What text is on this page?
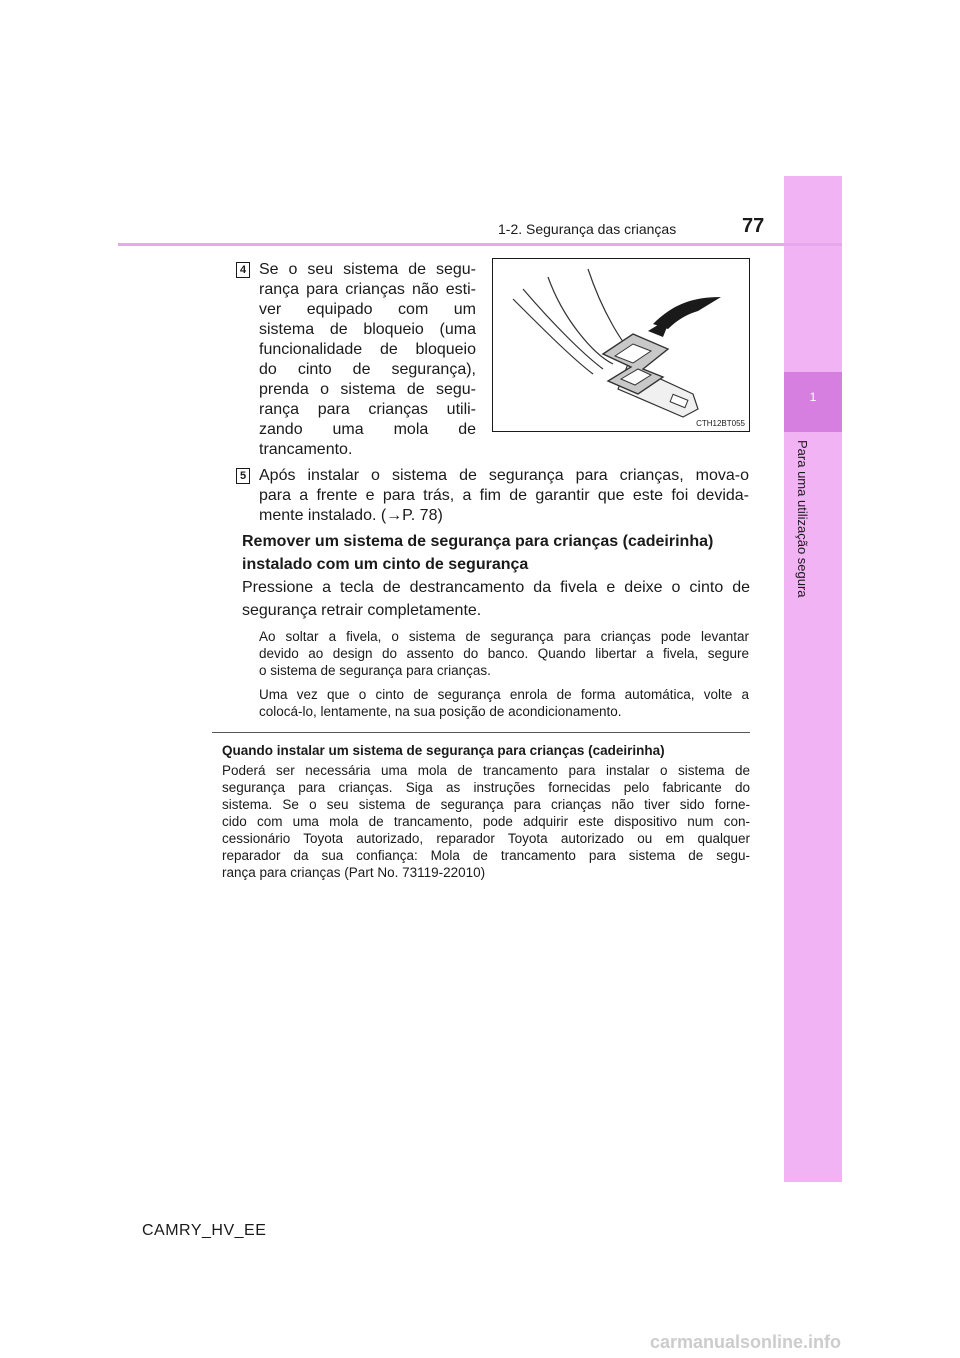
1
Para uma utilização segura
1-2. Segurança das crianças	77
4 Se o seu sistema de segu-
rança para crianças não esti-
ver equipado com um
sistema de bloqueio (uma
funcionalidade de bloqueio
do cinto de segurança),
prenda o sistema de segu-
rança para crianças utili-
zando uma mola de
trancamento.
CTH12BT055
5 Após instalar o sistema de segurança para crianças, mova-o
para a frente e para trás, a fim de garantir que este foi devida-
mente instalado. (→P. 78)
Remover um sistema de segurança para crianças (cadeirinha)
instalado com um cinto de segurança
Pressione a tecla de destrancamento da fivela e deixe o cinto de
segurança retrair completamente.
Ao soltar a fivela, o sistema de segurança para crianças pode levantar
devido ao design do assento do banco. Quando libertar a fivela, segure
o sistema de segurança para crianças.
Uma vez que o cinto de segurança enrola de forma automática, volte a
colocá-lo, lentamente, na sua posição de acondicionamento.
Quando instalar um sistema de segurança para crianças (cadeirinha)
Poderá ser necessária uma mola de trancamento para instalar o sistema de
segurança para crianças. Siga as instruções fornecidas pelo fabricante do
sistema. Se o seu sistema de segurança para crianças não tiver sido forne-
cido com uma mola de trancamento, pode adquirir este dispositivo num con-
cessionário Toyota autorizado, reparador Toyota autorizado ou em qualquer
reparador da sua confiança: Mola de trancamento para sistema de segu-
rança para crianças (Part No. 73119-22010)
CAMRY_HV_EE
carmanualsonline.info
